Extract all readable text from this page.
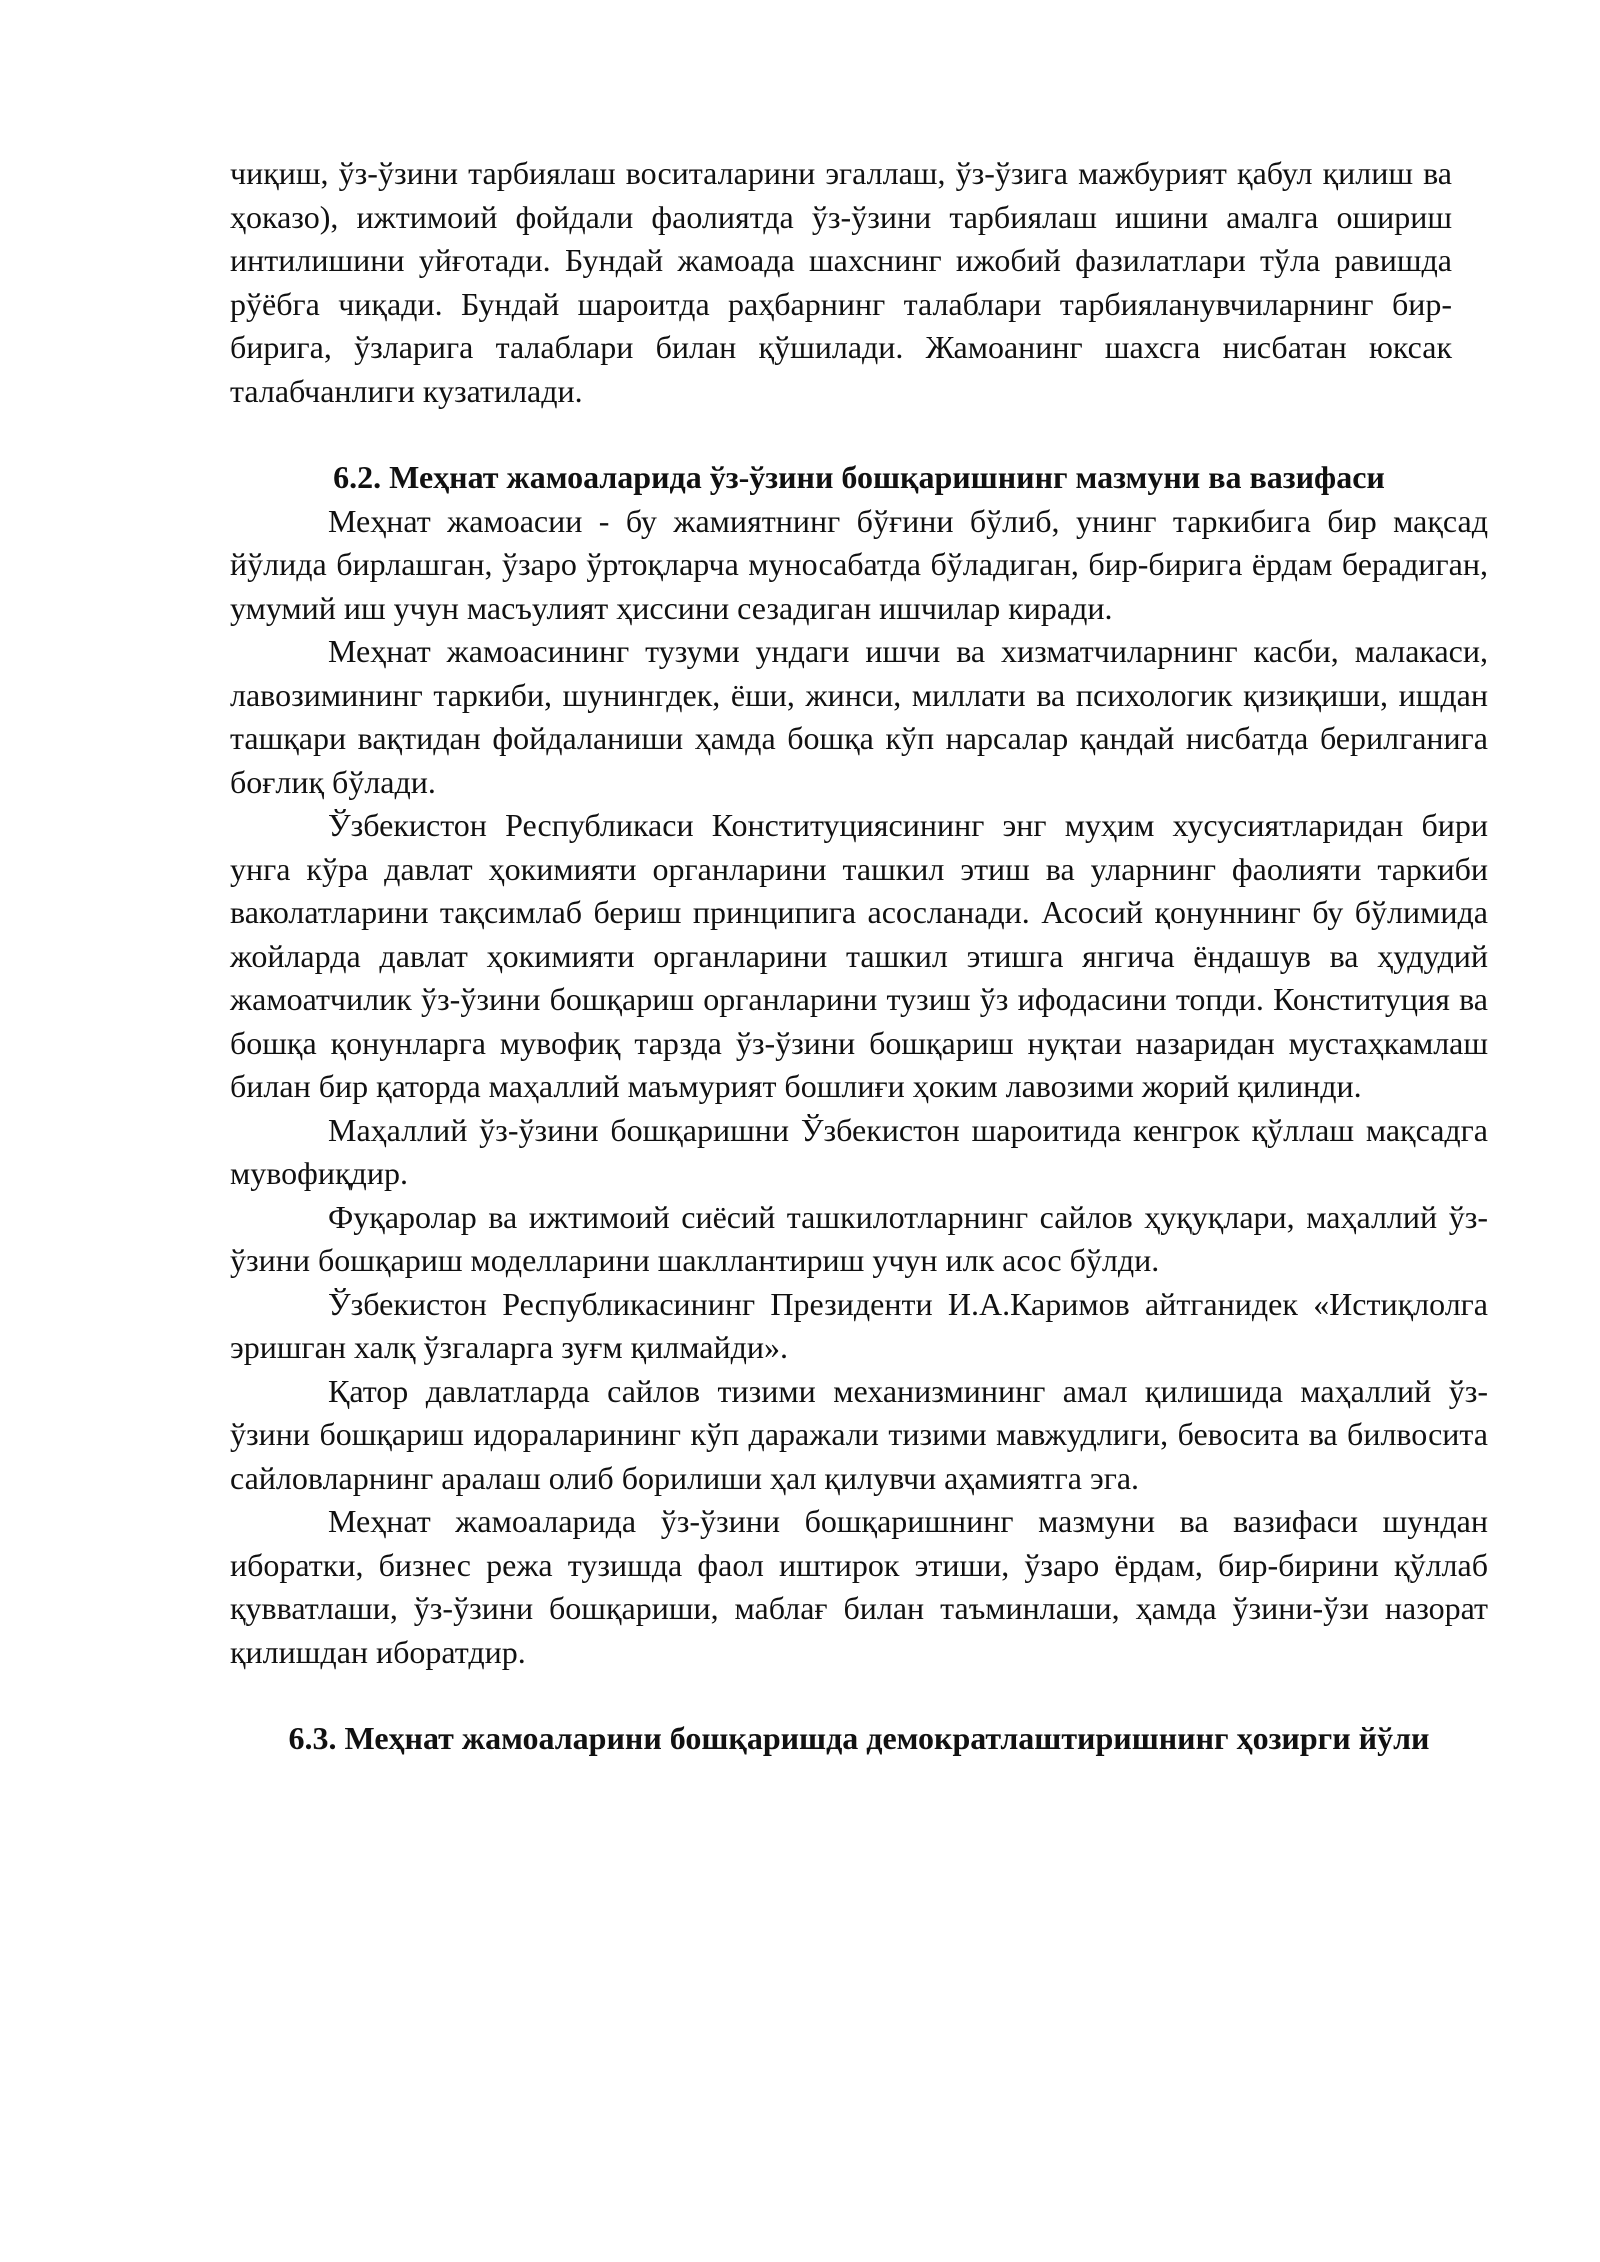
чиқиш, ўз-ўзини тарбиялаш воситаларини эгаллаш, ўз-ўзига мажбурият қабул қилиш ва ҳоказо), ижтимоий фойдали фаолиятда ўз-ўзини тарбиялаш ишини амалга ошириш интилишини уйғотади. Бундай жамоада шахснинг ижобий фазилатлари тўла равишда рўёбга чиқади. Бундай шароитда раҳбарнинг талаблари тарбияланувчиларнинг бир-бирига, ўзларига талаблари билан қўшилади. Жамоанинг шахсга нисбатан юксак талабчанлиги кузатилади.

6.2. Меҳнат жамоаларида ўз-ўзини бошқаришнинг мазмуни ва вазифаси

Меҳнат жамоасии - бу жамиятнинг бўғини бўлиб, унинг таркибига бир мақсад йўлида бирлашган, ўзаро ўртоқларча муносабатда бўладиган, бир-бирига ёрдам берадиган, умумий иш учун масъулият ҳиссини сезадиган ишчилар киради.

Меҳнат жамоасининг тузуми ундаги ишчи ва хизматчиларнинг касби, малакаси, лавозимининг таркиби, шунингдек, ёши, жинси, миллати ва психологик қизиқиши, ишдан ташқари вақтидан фойдаланиши ҳамда бошқа кўп нарсалар қандай нисбатда берилганига боғлиқ бўлади.

Ўзбекистон Республикаси Конституциясининг энг муҳим хусусиятларидан бири унга кўра давлат ҳокимияти органларини ташкил этиш ва уларнинг фаолияти таркиби ваколатларини тақсимлаб бериш принципига асосланади. Асосий қонуннинг бу бўлимида жойларда давлат ҳокимияти органларини ташкил этишга янгича ёндашув ва ҳудудий жамоатчилик ўз-ўзини бошқариш органларини тузиш ўз ифодасини топди. Конституция ва бошқа қонунларга мувофиқ тарзда ўз-ўзини бошқариш нуқтаи назаридан мустаҳкамлаш билан бир қаторда маҳаллий маъмурият бошлиғи ҳоким лавозими жорий қилинди.

Маҳаллий ўз-ўзини бошқаришни Ўзбекистон шароитида кенгрок қўллаш мақсадга мувофиқдир.

Фуқаролар ва ижтимоий сиёсий ташкилотларнинг сайлов ҳуқуқлари, маҳаллий ўз-ўзини бошқариш моделларини шакллантириш учун илк асос бўлди.

Ўзбекистон Республикасининг Президенти И.А.Каримов айтганидек «Истиқлолга эришган халқ ўзгаларга зуғм қилмайди».

Қатор давлатларда сайлов тизими механизмининг амал қилишида маҳаллий ўз-ўзини бошқариш идораларининг кўп даражали тизими мавжудлиги, бевосита ва билвосита сайловларнинг аралаш олиб борилиши ҳал қилувчи аҳамиятга эга.

Меҳнат жамоаларида ўз-ўзини бошқаришнинг мазмуни ва вазифаси шундан иборатки, бизнес режа тузишда фаол иштирок этиши, ўзаро ёрдам, бир-бирини қўллаб қувватлаши, ўз-ўзини бошқариши, маблағ билан таъминлаши, ҳамда ўзини-ўзи назорат қилишдан иборатдир.

6.3. Меҳнат жамоаларини бошқаришда демократлаштиришнинг ҳозирги йўли
